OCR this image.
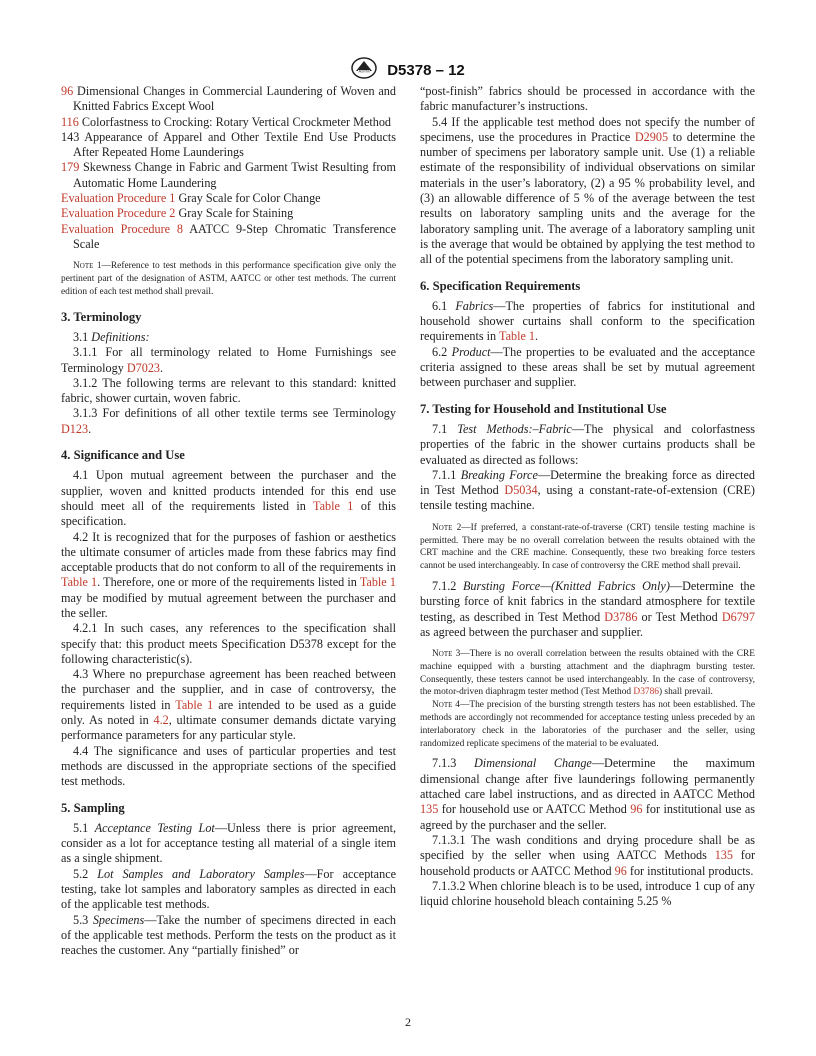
ASTM D5378 – 12

96 Dimensional Changes in Commercial Laundering of Woven and Knitted Fabrics Except Wool

116 Colorfastness to Crocking: Rotary Vertical Crockmeter Method

143 Appearance of Apparel and Other Textile End Use Products After Repeated Home Launderings

179 Skewness Change in Fabric and Garment Twist Resulting from Automatic Home Laundering

Evaluation Procedure 1 Gray Scale for Color Change

Evaluation Procedure 2 Gray Scale for Staining

Evaluation Procedure 8 AATCC 9-Step Chromatic Transference Scale

Note 1—Reference to test methods in this performance specification give only the pertinent part of the designation of ASTM, AATCC or other test methods. The current edition of each test method shall prevail.

3. Terminology

3.1 Definitions:

3.1.1 For all terminology related to Home Furnishings see Terminology D7023.

3.1.2 The following terms are relevant to this standard: knitted fabric, shower curtain, woven fabric.

3.1.3 For definitions of all other textile terms see Terminology D123.

4. Significance and Use

4.1 Upon mutual agreement between the purchaser and the supplier, woven and knitted products intended for this end use should meet all of the requirements listed in Table 1 of this specification.

4.2 It is recognized that for the purposes of fashion or aesthetics the ultimate consumer of articles made from these fabrics may find acceptable products that do not conform to all of the requirements in Table 1. Therefore, one or more of the requirements listed in Table 1 may be modified by mutual agreement between the purchaser and the seller.

4.2.1 In such cases, any references to the specification shall specify that: this product meets Specification D5378 except for the following characteristic(s).

4.3 Where no prepurchase agreement has been reached between the purchaser and the supplier, and in case of controversy, the requirements listed in Table 1 are intended to be used as a guide only. As noted in 4.2, ultimate consumer demands dictate varying performance parameters for any particular style.

4.4 The significance and uses of particular properties and test methods are discussed in the appropriate sections of the specified test methods.

5. Sampling

5.1 Acceptance Testing Lot—Unless there is prior agreement, consider as a lot for acceptance testing all material of a single item as a single shipment.

5.2 Lot Samples and Laboratory Samples—For acceptance testing, take lot samples and laboratory samples as directed in each of the applicable test methods.

5.3 Specimens—Take the number of specimens directed in each of the applicable test methods. Perform the tests on the product as it reaches the customer. Any “partially finished” or

“post-finish” fabrics should be processed in accordance with the fabric manufacturer’s instructions.

5.4 If the applicable test method does not specify the number of specimens, use the procedures in Practice D2905 to determine the number of specimens per laboratory sample unit. Use (1) a reliable estimate of the responsibility of individual observations on similar materials in the user’s laboratory, (2) a 95 % probability level, and (3) an allowable difference of 5 % of the average between the test results on laboratory sampling units and the average for the laboratory sampling unit. The average of a laboratory sampling unit is the average that would be obtained by applying the test method to all of the potential specimens from the laboratory sampling unit.

6. Specification Requirements

6.1 Fabrics—The properties of fabrics for institutional and household shower curtains shall conform to the specification requirements in Table 1.

6.2 Product—The properties to be evaluated and the acceptance criteria assigned to these areas shall be set by mutual agreement between purchaser and supplier.

7. Testing for Household and Institutional Use

7.1 Test Methods:–Fabric—The physical and colorfastness properties of the fabric in the shower curtains products shall be evaluated as directed as follows:

7.1.1 Breaking Force—Determine the breaking force as directed in Test Method D5034, using a constant-rate-of-extension (CRE) tensile testing machine.

Note 2—If preferred, a constant-rate-of-traverse (CRT) tensile testing machine is permitted. There may be no overall correlation between the results obtained with the CRT machine and the CRE machine. Consequently, these two breaking force testers cannot be used interchangeably. In case of controversy the CRE method shall prevail.

7.1.2 Bursting Force—(Knitted Fabrics Only)—Determine the bursting force of knit fabrics in the standard atmosphere for textile testing, as described in Test Method D3786 or Test Method D6797 as agreed between the purchaser and supplier.

Note 3—There is no overall correlation between the results obtained with the CRE machine equipped with a bursting attachment and the diaphragm bursting tester. Consequently, these testers cannot be used interchangeably. In the case of controversy, the motor-driven diaphragm tester method (Test Method D3786) shall prevail.

Note 4—The precision of the bursting strength testers has not been established. The methods are accordingly not recommended for acceptance testing unless preceded by an interlaboratory check in the laboratories of the purchaser and the seller, using randomized replicate specimens of the material to be evaluated.

7.1.3 Dimensional Change—Determine the maximum dimensional change after five launderings following permanently attached care label instructions, and as directed in AATCC Method 135 for household use or AATCC Method 96 for institutional use as agreed by the purchaser and the seller.

7.1.3.1 The wash conditions and drying procedure shall be as specified by the seller when using AATCC Methods 135 for household products or AATCC Method 96 for institutional products.

7.1.3.2 When chlorine bleach is to be used, introduce 1 cup of any liquid chlorine household bleach containing 5.25 %

2
